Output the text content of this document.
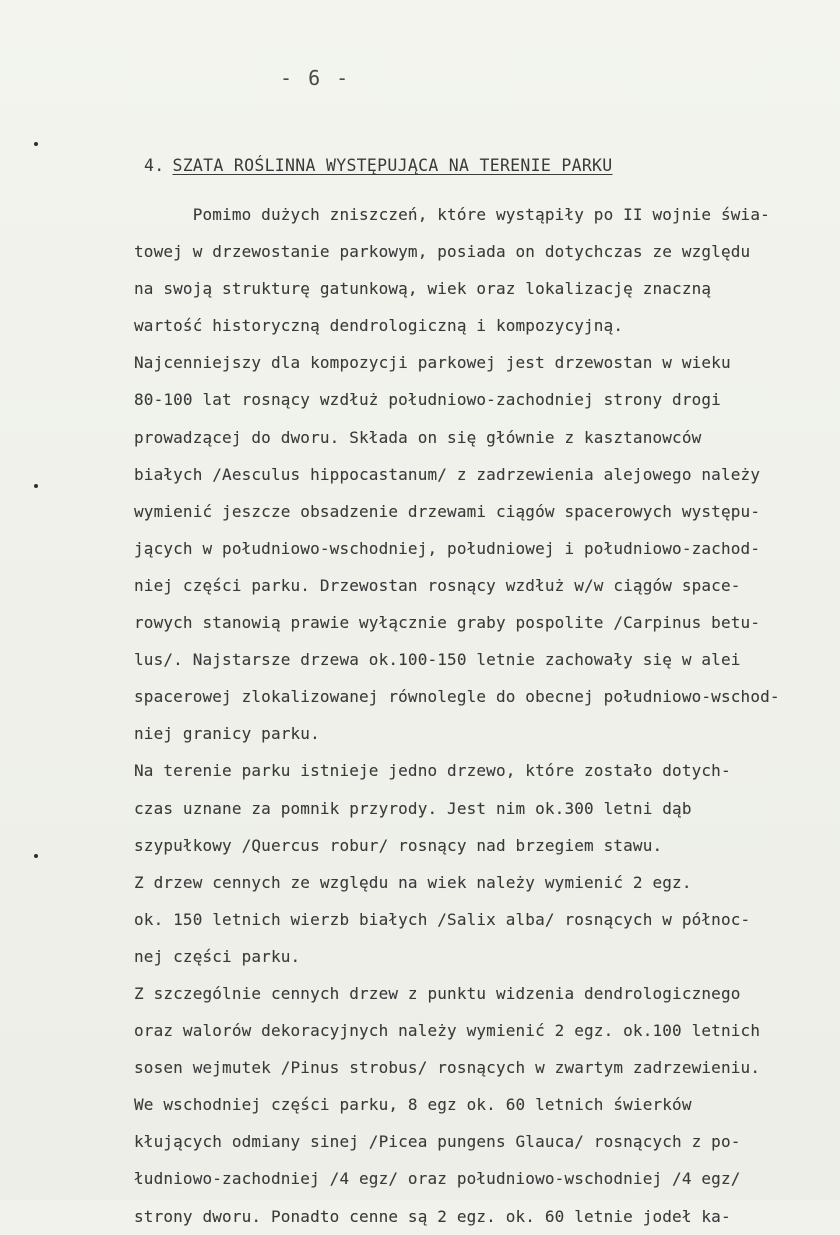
- 6 -
4. SZATA ROŚLINNA WYSTĘPUJĄCA NA TERENIE PARKU
Pomimo dużych zniszczeń, które wystąpiły po II wojnie świa-
towej w drzewostanie parkowym, posiada on dotychczas ze względu
na swoją strukturę gatunkową, wiek oraz lokalizację znaczną
wartość historyczną dendrologiczną i kompozycyjną.
Najcenniejszy dla kompozycji parkowej jest drzewostan w wieku
80-100 lat rosnący wzdłuż południowo-zachodniej strony drogi
prowadzącej do dworu. Składa on się głównie z kasztanowców
białych /Aesculus hippocastanum/ z zadrzewienia alejowego należy
wymienić jeszcze obsadzenie drzewami ciągów spacerowych występu-
jących w południowo-wschodniej, południowej i południowo-zachod-
niej części parku. Drzewostan rosnący wzdłuż w/w ciągów space-
rowych stanowią prawie wyłącznie graby pospolite /Carpinus betu-
lus/. Najstarsze drzewa ok.100-150 letnie zachowały się w alei
spacerowej zlokalizowanej równolegle do obecnej południowo-wschod-
niej granicy parku.
Na terenie parku istnieje jedno drzewo, które zostało dotych-
czas uznane za pomnik przyrody. Jest nim ok.300 letni dąb
szypułkowy /Quercus robur/ rosnący nad brzegiem stawu.
Z drzew cennych ze względu na wiek należy wymienić 2 egz.
ok. 150 letnich wierzb białych /Salix alba/ rosnących w północ-
nej części parku.
Z szczególnie cennych drzew z punktu widzenia dendrologicznego
oraz walorów dekoracyjnych należy wymienić 2 egz. ok.100 letnich
sosen wejmutek /Pinus strobus/ rosnących w zwartym zadrzewieniu.
We wschodniej części parku, 8 egz ok. 60 letnich świerków
kłujących odmiany sinej /Picea pungens Glauca/ rosnących z po-
łudniowo-zachodniej /4 egz/ oraz południowo-wschodniej /4 egz/
strony dworu. Ponadto cenne są 2 egz. ok. 60 letnie jodeł ka-
